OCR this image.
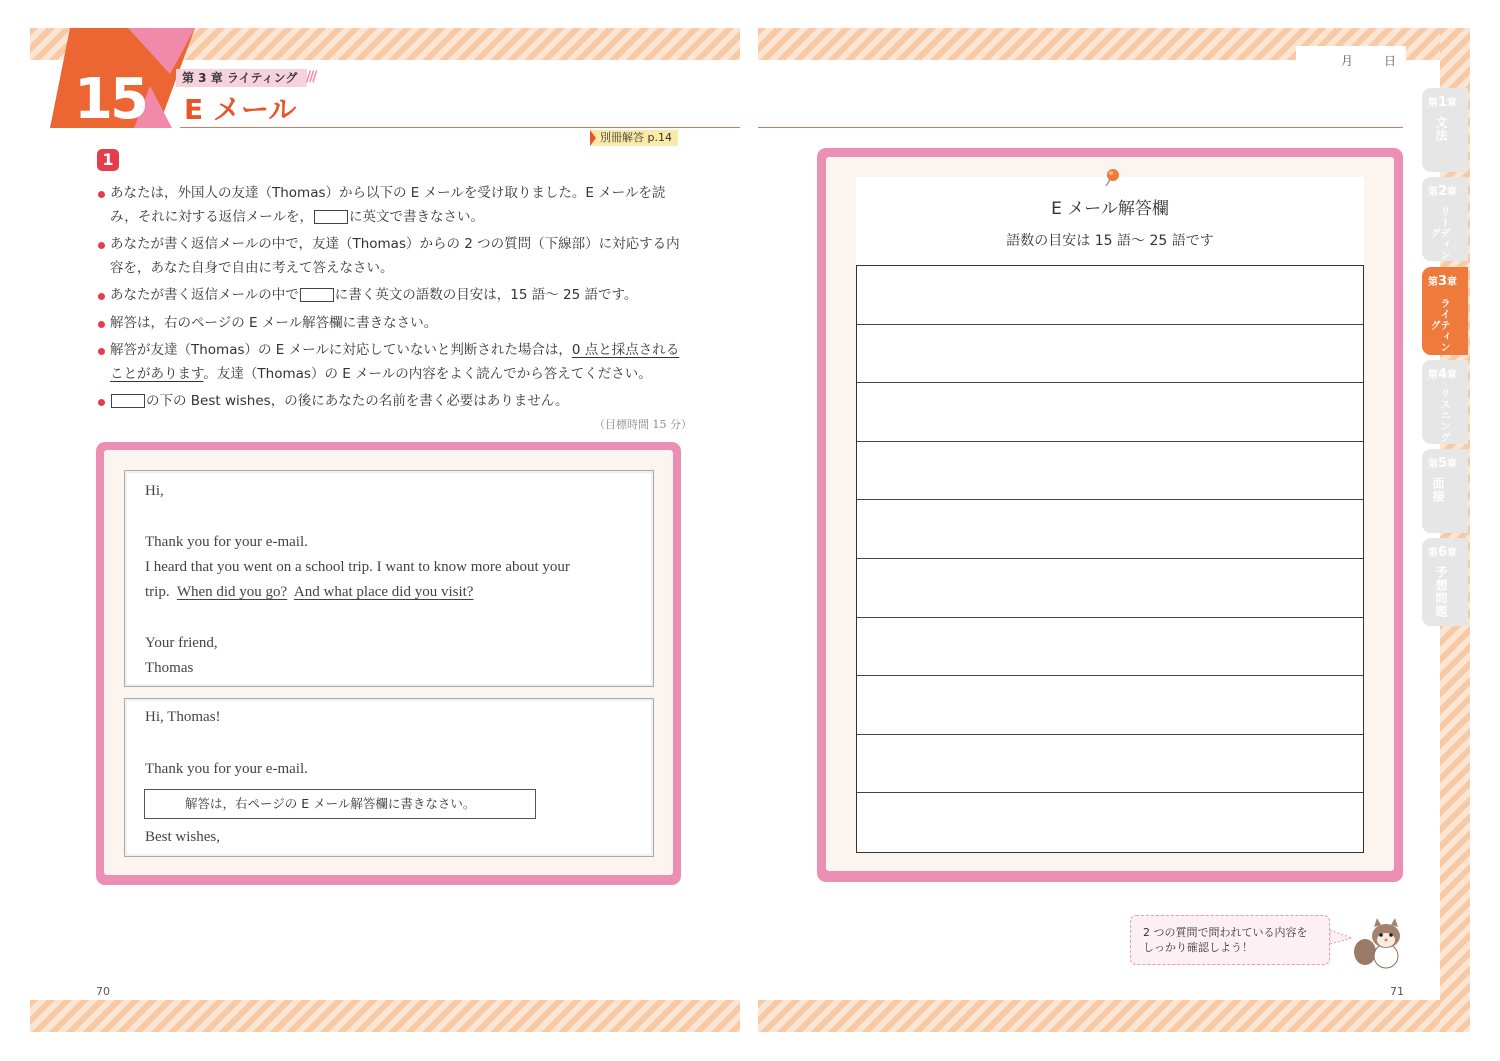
15	第 3 章 ライティング ///
E メール
別冊解答 p.14
1
あなたは，外国人の友達（Thomas）から以下の E メールを受け取りました。E メールを読み，それに対する返信メールを，	に英文で書きなさい。
あなたが書く返信メールの中で，友達（Thomas）からの 2 つの質問（下線部）に対応する内容を，あなた自身で自由に考えて答えなさい。
あなたが書く返信メールの中で	に書く英文の語数の目安は，15 語～ 25 語です。
解答は，右のページの E メール解答欄に書きなさい。
解答が友達（Thomas）の E メールに対応していないと判断された場合は，0 点と採点されることがあります。友達（Thomas）の E メールの内容をよく読んでから答えてください。
の下の Best wishes，の後にあなたの名前を書く必要はありません。
（目標時間 15 分）
Hi,
Thank you for your e-mail.
I heard that you went on a school trip. I want to know more about your
trip. When did you go? And what place did you visit?
Your friend,
Thomas
Hi, Thomas!
Thank you for your e-mail.
解答は，右ページの E メール解答欄に書きなさい。
Best wishes,
70
月	日
E メール解答欄
語数の目安は 15 語～ 25 語です
第1章
文法
第2章
リーディング
第3章
ライティング
第4章
リスニング
第5章
面接
第6章
予想問題
2 つの質問で問われている内容を
しっかり確認しよう！
71
